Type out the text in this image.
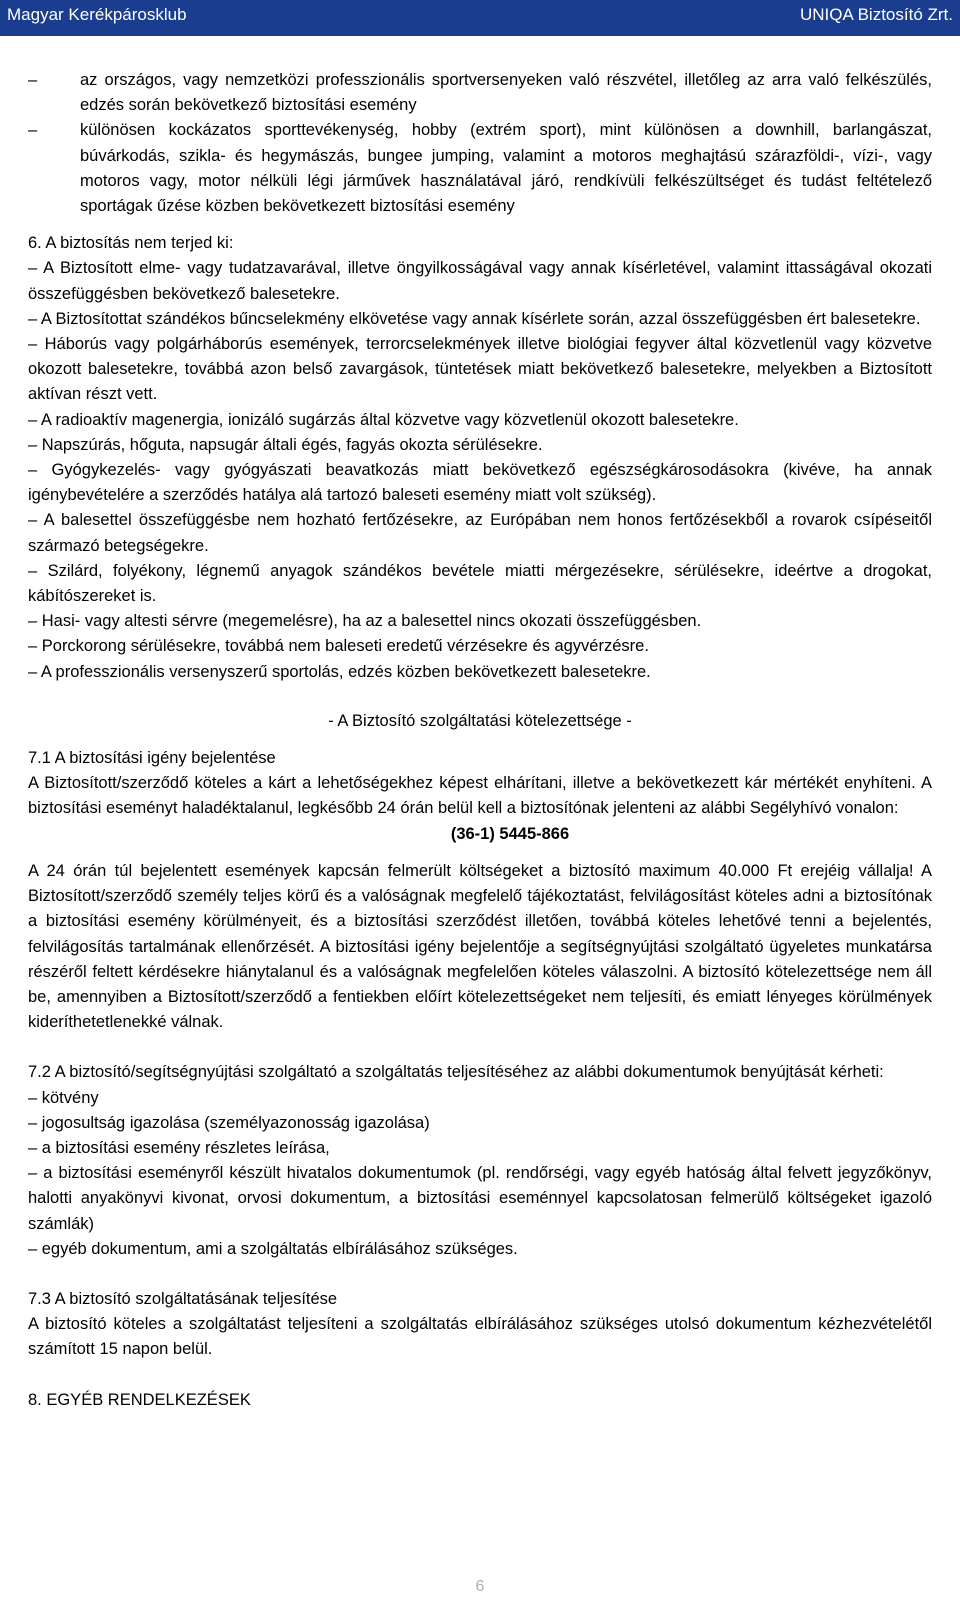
Magyar Kerékpárosklub	UNIQA Biztosító Zrt.
–	az országos, vagy nemzetközi professzionális sportversenyeken való részvétel, illetőleg az arra való felkészülés, edzés során bekövetkező biztosítási esemény
–	különösen kockázatos sporttevékenység, hobby (extrém sport), mint különösen a downhill, barlangászat, búvárkodás, szikla- és hegymászás, bungee jumping, valamint a motoros meghajtású szárazföldi-, vízi-, vagy motoros vagy, motor nélküli légi járművek használatával járó, rendkívüli felkészültséget és tudást feltételező sportágak űzése közben bekövetkezett biztosítási esemény

6. A biztosítás nem terjed ki:

– A Biztosított elme- vagy tudatzavarával, illetve öngyilkosságával vagy annak kísérletével, valamint ittasságával okozati összefüggésben bekövetkező balesetekre.

– A Biztosítottat szándékos bűncselekmény elkövetése vagy annak kísérlete során, azzal összefüggésben ért balesetekre.

– Háborús vagy polgárháborús események, terrorcselekmények illetve biológiai fegyver által közvetlenül vagy közvetve okozott balesetekre, továbbá azon belső zavargások, tüntetések miatt bekövetkező balesetekre, melyekben a Biztosított aktívan részt vett.

– A radioaktív magenergia, ionizáló sugárzás által közvetve vagy közvetlenül okozott balesetekre.

– Napszúrás, hőguta, napsugár általi égés, fagyás okozta sérülésekre.

– Gyógykezelés- vagy gyógyászati beavatkozás miatt bekövetkező egészségkárosodásokra (kivéve, ha annak igénybevételére a szerződés hatálya alá tartozó baleseti esemény miatt volt szükség).

– A balesettel összefüggésbe nem hozható fertőzésekre, az Európában nem honos fertőzésekből a rovarok csípéseitől származó betegségekre.

– Szilárd, folyékony, légnemű anyagok szándékos bevétele miatti mérgezésekre, sérülésekre, ideértve a drogokat, kábítószereket is.

– Hasi- vagy altesti sérvre (megemelésre), ha az a balesettel nincs okozati összefüggésben.

– Porckorong sérülésekre, továbbá nem baleseti eredetű vérzésekre és agyvérzésre.

– A professzionális versenyszerű sportolás, edzés közben bekövetkezett balesetekre.

- A Biztosító szolgáltatási kötelezettsége -

7.1 A biztosítási igény bejelentése

A Biztosított/szerződő köteles a kárt a lehetőségekhez képest elhárítani, illetve a bekövetkezett kár mértékét enyhíteni. A biztosítási eseményt haladéktalanul, legkésőbb 24 órán belül kell a biztosítónak jelenteni az alábbi Segélyhívó vonalon:

(36-1) 5445-866

A 24 órán túl bejelentett események kapcsán felmerült költségeket a biztosító maximum 40.000 Ft erejéig vállalja! A Biztosított/szerződő személy teljes körű és a valóságnak megfelelő tájékoztatást, felvilágosítást köteles adni a biztosítónak a biztosítási esemény körülményeit, és a biztosítási szerződést illetően, továbbá köteles lehetővé tenni a bejelentés, felvilágosítás tartalmának ellenőrzését. A biztosítási igény bejelentője a segítségnyújtási szolgáltató ügyeletes munkatársa részéről feltett kérdésekre hiánytalanul és a valóságnak megfelelően köteles válaszolni. A biztosító kötelezettsége nem áll be, amennyiben a Biztosított/szerződő a fentiekben előírt kötelezettségeket nem teljesíti, és emiatt lényeges körülmények kideríthetetlenekké válnak.

7.2 A biztosító/segítségnyújtási szolgáltató a szolgáltatás teljesítéséhez az alábbi dokumentumok benyújtását kérheti:

– kötvény

– jogosultság igazolása (személyazonosság igazolása)

– a biztosítási esemény részletes leírása,

– a biztosítási eseményről készült hivatalos dokumentumok (pl. rendőrségi, vagy egyéb hatóság által felvett jegyzőkönyv, halotti anyakönyvi kivonat, orvosi dokumentum, a biztosítási eseménnyel kapcsolatosan felmerülő költségeket igazoló számlák)

– egyéb dokumentum, ami a szolgáltatás elbírálásához szükséges.

7.3 A biztosító szolgáltatásának teljesítése

A biztosító köteles a szolgáltatást teljesíteni a szolgáltatás elbírálásához szükséges utolsó dokumentum kézhezvételétől számított 15 napon belül.

8. EGYÉB RENDELKEZÉSEK

6
